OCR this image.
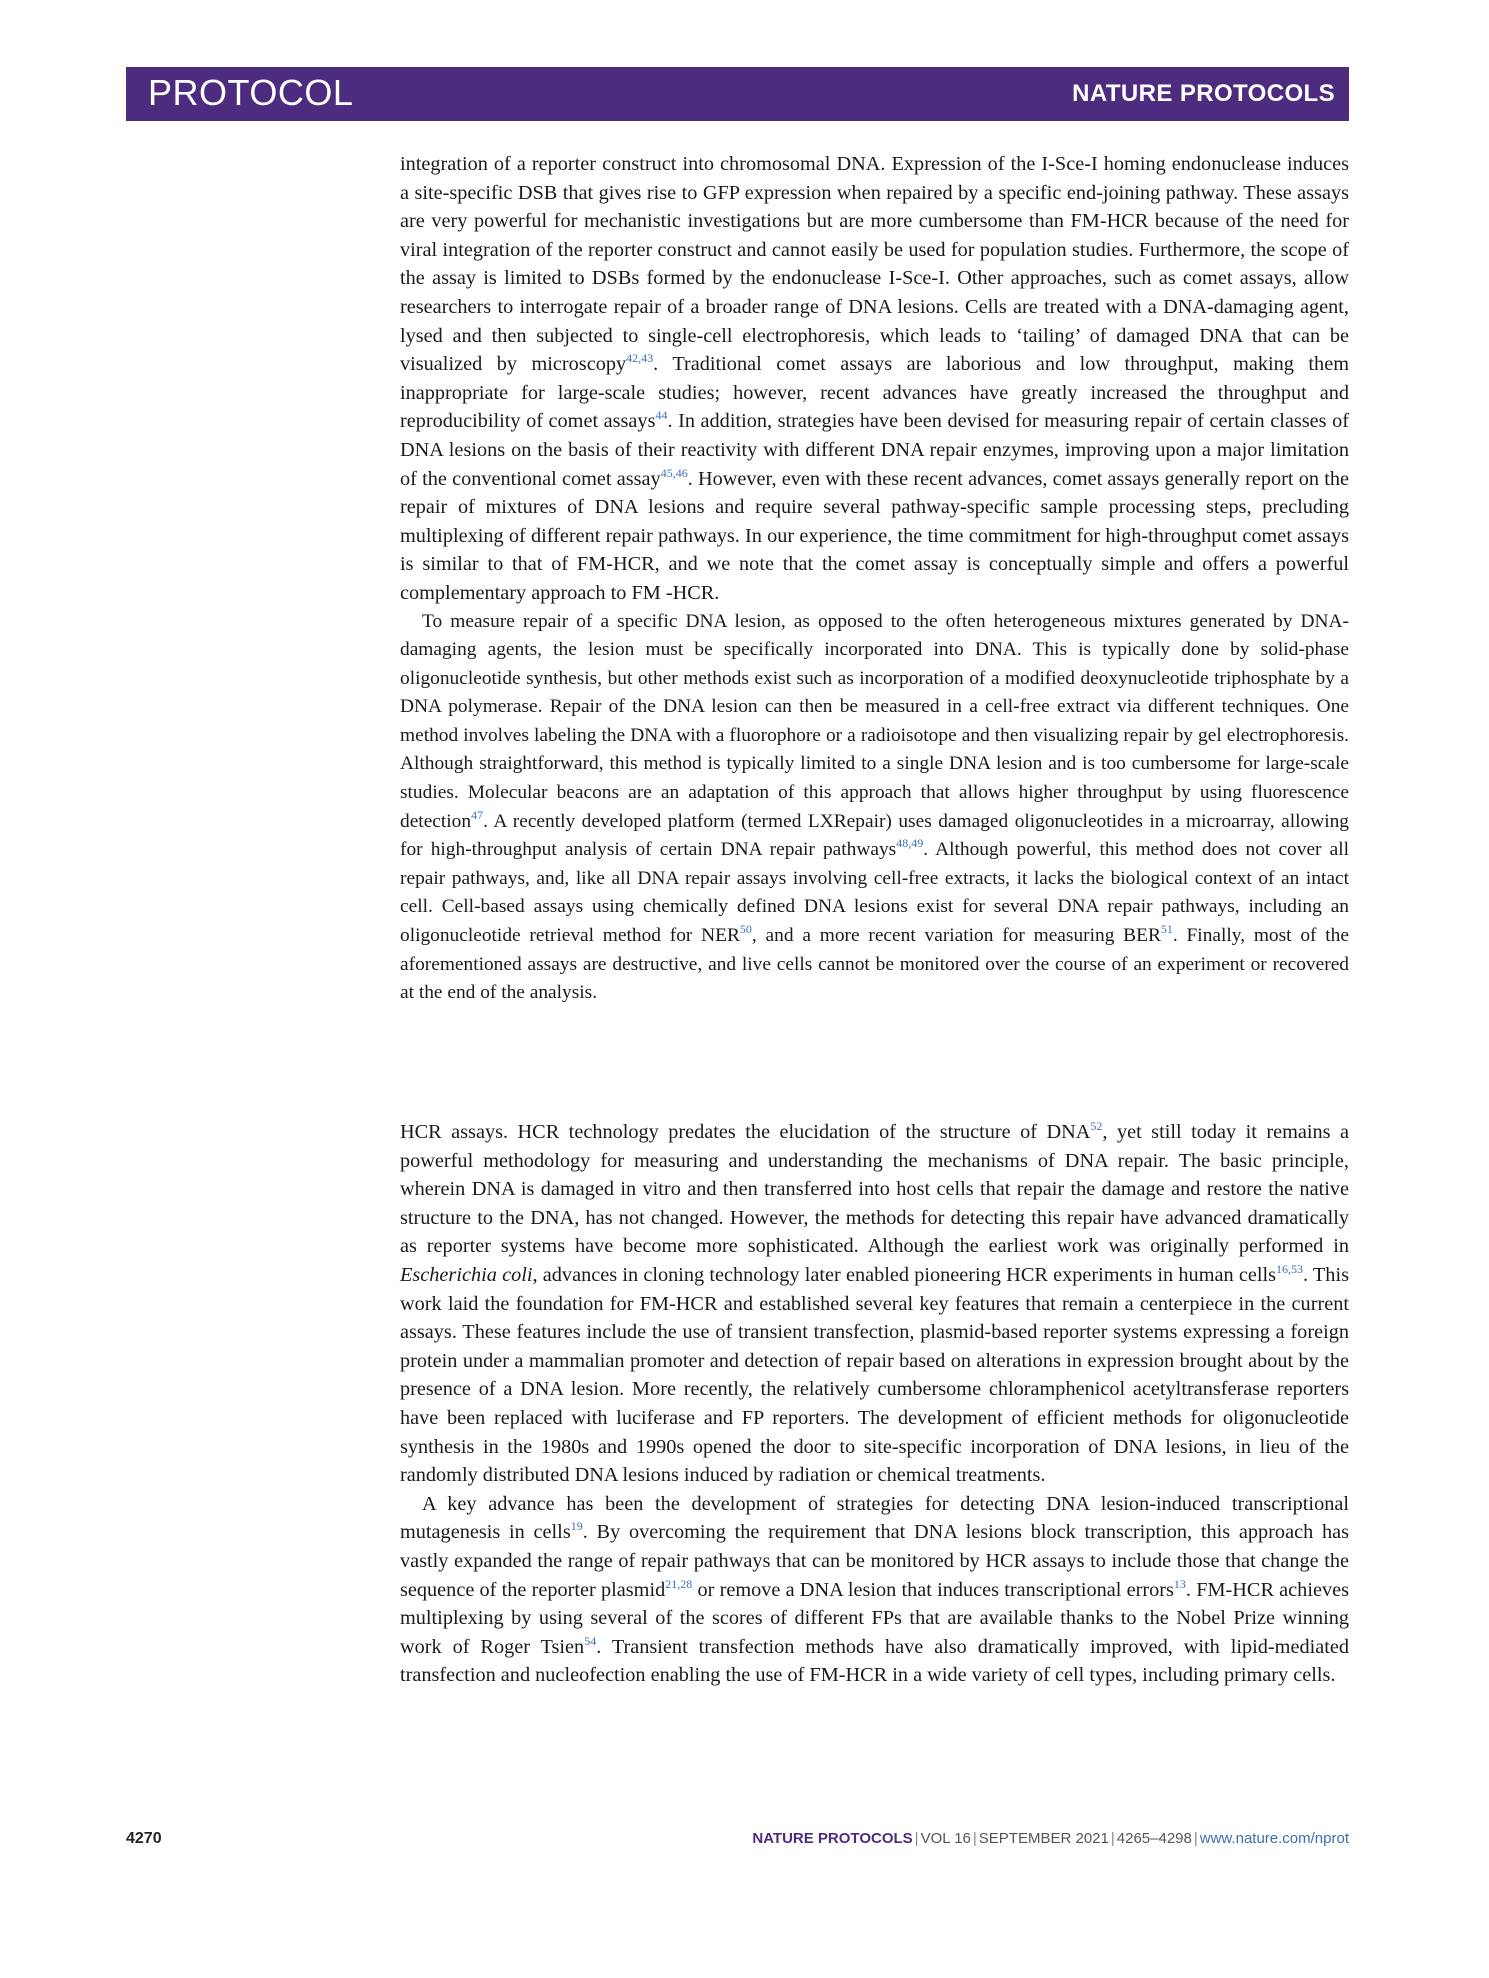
PROTOCOL	NATURE PROTOCOLS

integration of a reporter construct into chromosomal DNA. Expression of the I-Sce-I homing endonuclease induces a site-specific DSB that gives rise to GFP expression when repaired by a specific end-joining pathway. These assays are very powerful for mechanistic investigations but are more cumbersome than FM-HCR because of the need for viral integration of the reporter construct and cannot easily be used for population studies. Furthermore, the scope of the assay is limited to DSBs formed by the endonuclease I-Sce-I. Other approaches, such as comet assays, allow researchers to interrogate repair of a broader range of DNA lesions. Cells are treated with a DNA-damaging agent, lysed and then subjected to single-cell electrophoresis, which leads to ‘tailing’ of damaged DNA that can be visualized by microscopy$^{42,43}$. Traditional comet assays are laborious and low throughput, making them inappropriate for large-scale studies; however, recent advances have greatly increased the throughput and reproducibility of comet assays$^{44}$. In addition, strategies have been devised for measuring repair of certain classes of DNA lesions on the basis of their reactivity with different DNA repair enzymes, improving upon a major limitation of the conventional comet assay$^{45,46}$. However, even with these recent advances, comet assays generally report on the repair of mixtures of DNA lesions and require several pathway-specific sample processing steps, precluding multiplexing of different repair pathways. In our experience, the time commitment for high-throughput comet assays is similar to that of FM-HCR, and we note that the comet assay is conceptually simple and offers a powerful complementary approach to FM -HCR.

To measure repair of a specific DNA lesion, as opposed to the often heterogeneous mixtures generated by DNA-damaging agents, the lesion must be specifically incorporated into DNA. This is typically done by solid-phase oligonucleotide synthesis, but other methods exist such as incorporation of a modified deoxynucleotide triphosphate by a DNA polymerase. Repair of the DNA lesion can then be measured in a cell-free extract via different techniques. One method involves labeling the DNA with a fluorophore or a radioisotope and then visualizing repair by gel electrophoresis. Although straightforward, this method is typically limited to a single DNA lesion and is too cumbersome for large-scale studies. Molecular beacons are an adaptation of this approach that allows higher throughput by using fluorescence detection$^{47}$. A recently developed platform (termed LXRepair) uses damaged oligonucleotides in a microarray, allowing for high-throughput analysis of certain DNA repair pathways$^{48,49}$. Although powerful, this method does not cover all repair pathways, and, like all DNA repair assays involving cell-free extracts, it lacks the biological context of an intact cell. Cell-based assays using chemically defined DNA lesions exist for several DNA repair pathways, including an oligonucleotide retrieval method for NER$^{50}$, and a more recent variation for measuring BER$^{51}$. Finally, most of the aforementioned assays are destructive, and live cells cannot be monitored over the course of an experiment or recovered at the end of the analysis.

HCR assays. HCR technology predates the elucidation of the structure of DNA$^{52}$, yet still today it remains a powerful methodology for measuring and understanding the mechanisms of DNA repair. The basic principle, wherein DNA is damaged in vitro and then transferred into host cells that repair the damage and restore the native structure to the DNA, has not changed. However, the methods for detecting this repair have advanced dramatically as reporter systems have become more sophisticated. Although the earliest work was originally performed in Escherichia coli, advances in cloning technology later enabled pioneering HCR experiments in human cells$^{16,53}$. This work laid the foundation for FM-HCR and established several key features that remain a centerpiece in the current assays. These features include the use of transient transfection, plasmid-based reporter systems expressing a foreign protein under a mammalian promoter and detection of repair based on alterations in expression brought about by the presence of a DNA lesion. More recently, the relatively cumbersome chloramphenicol acetyltransferase reporters have been replaced with luciferase and FP reporters. The development of efficient methods for oligonucleotide synthesis in the 1980s and 1990s opened the door to site-specific incorporation of DNA lesions, in lieu of the randomly distributed DNA lesions induced by radiation or chemical treatments.

A key advance has been the development of strategies for detecting DNA lesion-induced transcriptional mutagenesis in cells$^{19}$. By overcoming the requirement that DNA lesions block transcription, this approach has vastly expanded the range of repair pathways that can be monitored by HCR assays to include those that change the sequence of the reporter plasmid$^{21,28}$ or remove a DNA lesion that induces transcriptional errors$^{13}$. FM-HCR achieves multiplexing by using several of the scores of different FPs that are available thanks to the Nobel Prize winning work of Roger Tsien$^{54}$. Transient transfection methods have also dramatically improved, with lipid-mediated transfection and nucleofection enabling the use of FM-HCR in a wide variety of cell types, including primary cells.

4270	NATURE PROTOCOLS | VOL 16 | SEPTEMBER 2021 | 4265–4298 | www.nature.com/nprot
